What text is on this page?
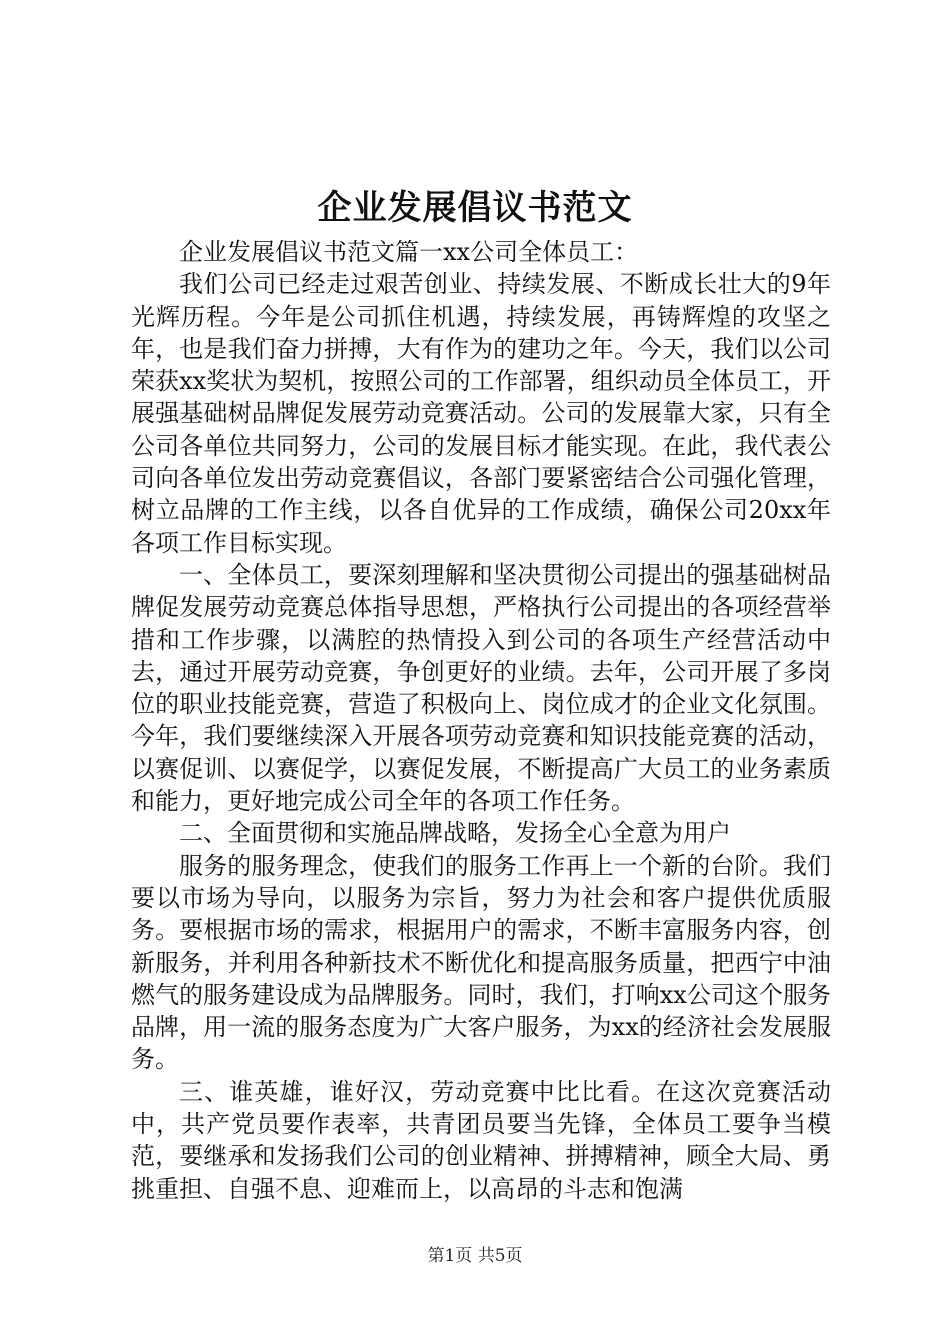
企业发展倡议书范文

企业发展倡议书范文篇一xx公司全体员工：

我们公司已经走过艰苦创业、持续发展、不断成长壮大的9年光辉历程。今年是公司抓住机遇，持续发展，再铸辉煌的攻坚之年，也是我们奋力拼搏，大有作为的建功之年。今天，我们以公司荣获xx奖状为契机，按照公司的工作部署，组织动员全体员工，开展强基础树品牌促发展劳动竞赛活动。公司的发展靠大家，只有全公司各单位共同努力，公司的发展目标才能实现。在此，我代表公司向各单位发出劳动竞赛倡议，各部门要紧密结合公司强化管理，树立品牌的工作主线，以各自优异的工作成绩，确保公司20xx年各项工作目标实现。

一、全体员工，要深刻理解和坚决贯彻公司提出的强基础树品牌促发展劳动竞赛总体指导思想，严格执行公司提出的各项经营举措和工作步骤，以满腔的热情投入到公司的各项生产经营活动中去，通过开展劳动竞赛，争创更好的业绩。去年，公司开展了多岗位的职业技能竞赛，营造了积极向上、岗位成才的企业文化氛围。今年，我们要继续深入开展各项劳动竞赛和知识技能竞赛的活动，以赛促训、以赛促学，以赛促发展，不断提高广大员工的业务素质和能力，更好地完成公司全年的各项工作任务。

二、全面贯彻和实施品牌战略，发扬全心全意为用户

服务的服务理念，使我们的服务工作再上一个新的台阶。我们要以市场为导向，以服务为宗旨，努力为社会和客户提供优质服务。要根据市场的需求，根据用户的需求，不断丰富服务内容，创新服务，并利用各种新技术不断优化和提高服务质量，把西宁中油燃气的服务建设成为品牌服务。同时，我们，打响xx公司这个服务品牌，用一流的服务态度为广大客户服务，为xx的经济社会发展服务。

三、谁英雄，谁好汉，劳动竞赛中比比看。在这次竞赛活动中，共产党员要作表率，共青团员要当先锋，全体员工要争当模范，要继承和发扬我们公司的创业精神、拼搏精神，顾全大局、勇挑重担、自强不息、迎难而上，以高昂的斗志和饱满

第1页 共5页
